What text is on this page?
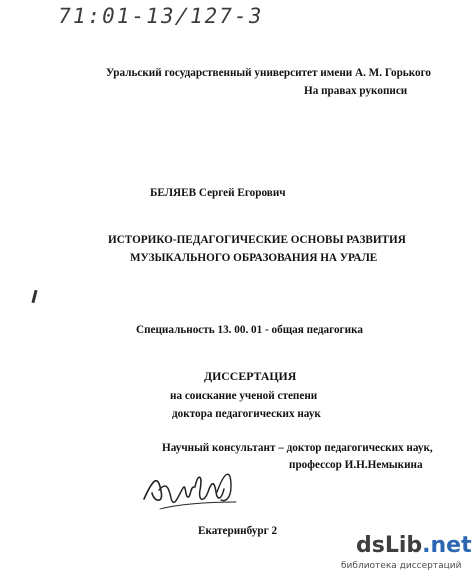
71:01-13/127-3
Уральский государственный университет имени А. М. Горького
На правах рукописи
БЕЛЯЕВ Сергей Егорович
ИСТОРИКО-ПЕДАГОГИЧЕСКИЕ ОСНОВЫ РАЗВИТИЯ
МУЗЫКАЛЬНОГО ОБРАЗОВАНИЯ НА УРАЛЕ
Специальность 13. 00. 01 - общая педагогика
ДИССЕРТАЦИЯ
на соискание ученой степени
доктора педагогических наук
Научный консультант – доктор педагогических наук,
профессор И.Н.Немыкина
Екатеринбург 2
dsLib.net
библиотека диссертаций
